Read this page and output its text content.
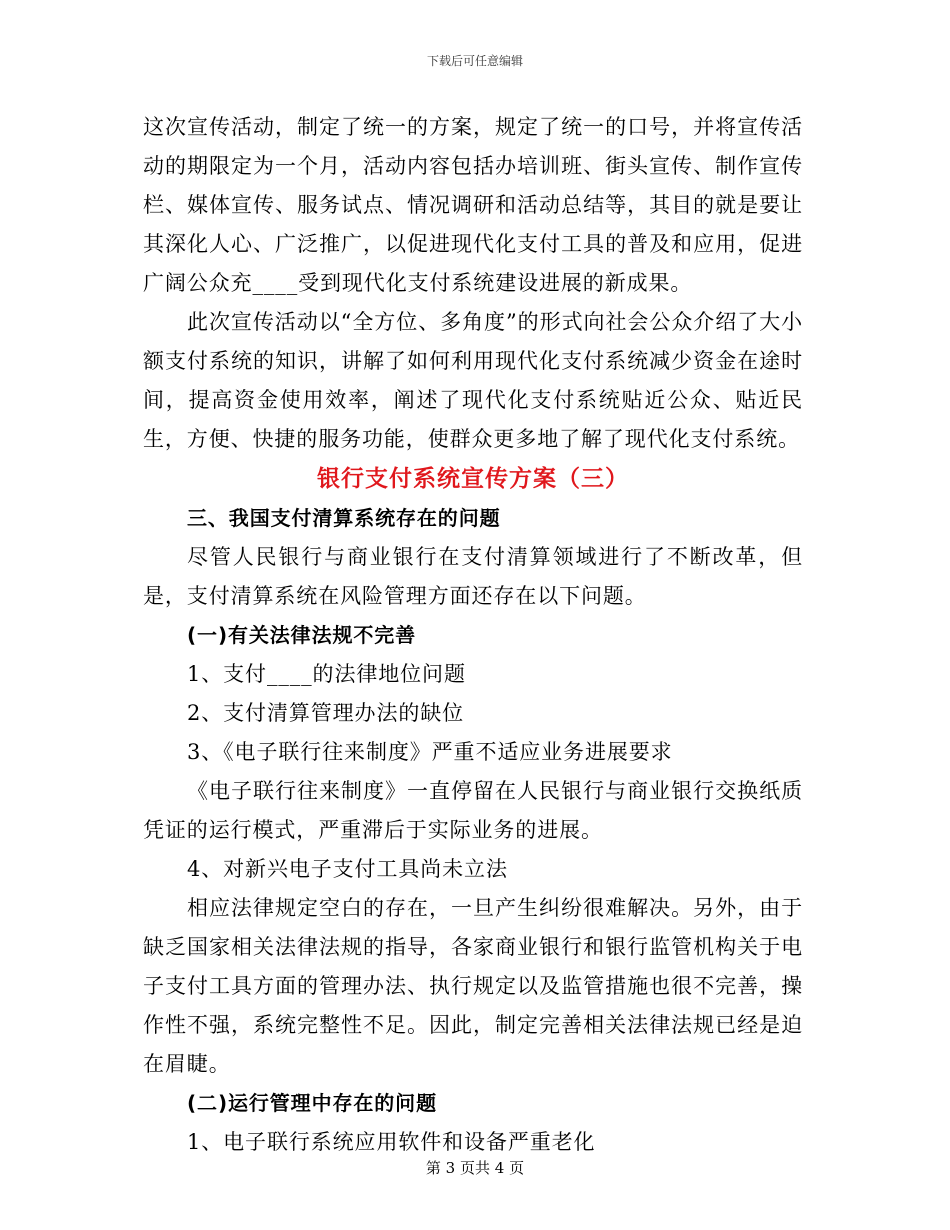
下载后可任意编辑

这次宣传活动，制定了统一的方案，规定了统一的口号，并将宣传活动的期限定为一个月，活动内容包括办培训班、街头宣传、制作宣传栏、媒体宣传、服务试点、情况调研和活动总结等，其目的就是要让其深化人心、广泛推广，以促进现代化支付工具的普及和应用，促进广阔公众充____受到现代化支付系统建设进展的新成果。

此次宣传活动以“全方位、多角度”的形式向社会公众介绍了大小额支付系统的知识，讲解了如何利用现代化支付系统减少资金在途时间，提高资金使用效率，阐述了现代化支付系统贴近公众、贴近民生，方便、快捷的服务功能，使群众更多地了解了现代化支付系统。

银行支付系统宣传方案（三）

三、我国支付清算系统存在的问题

尽管人民银行与商业银行在支付清算领域进行了不断改革，但是，支付清算系统在风险管理方面还存在以下问题。

(一)有关法律法规不完善

1、支付____的法律地位问题

2、支付清算管理办法的缺位

3、《电子联行往来制度》严重不适应业务进展要求

《电子联行往来制度》一直停留在人民银行与商业银行交换纸质凭证的运行模式，严重滞后于实际业务的进展。

4、对新兴电子支付工具尚未立法

相应法律规定空白的存在，一旦产生纠纷很难解决。另外，由于缺乏国家相关法律法规的指导，各家商业银行和银行监管机构关于电子支付工具方面的管理办法、执行规定以及监管措施也很不完善，操作性不强，系统完整性不足。因此，制定完善相关法律法规已经是迫在眉睫。

(二)运行管理中存在的问题

1、电子联行系统应用软件和设备严重老化

第 3 页共 4 页
